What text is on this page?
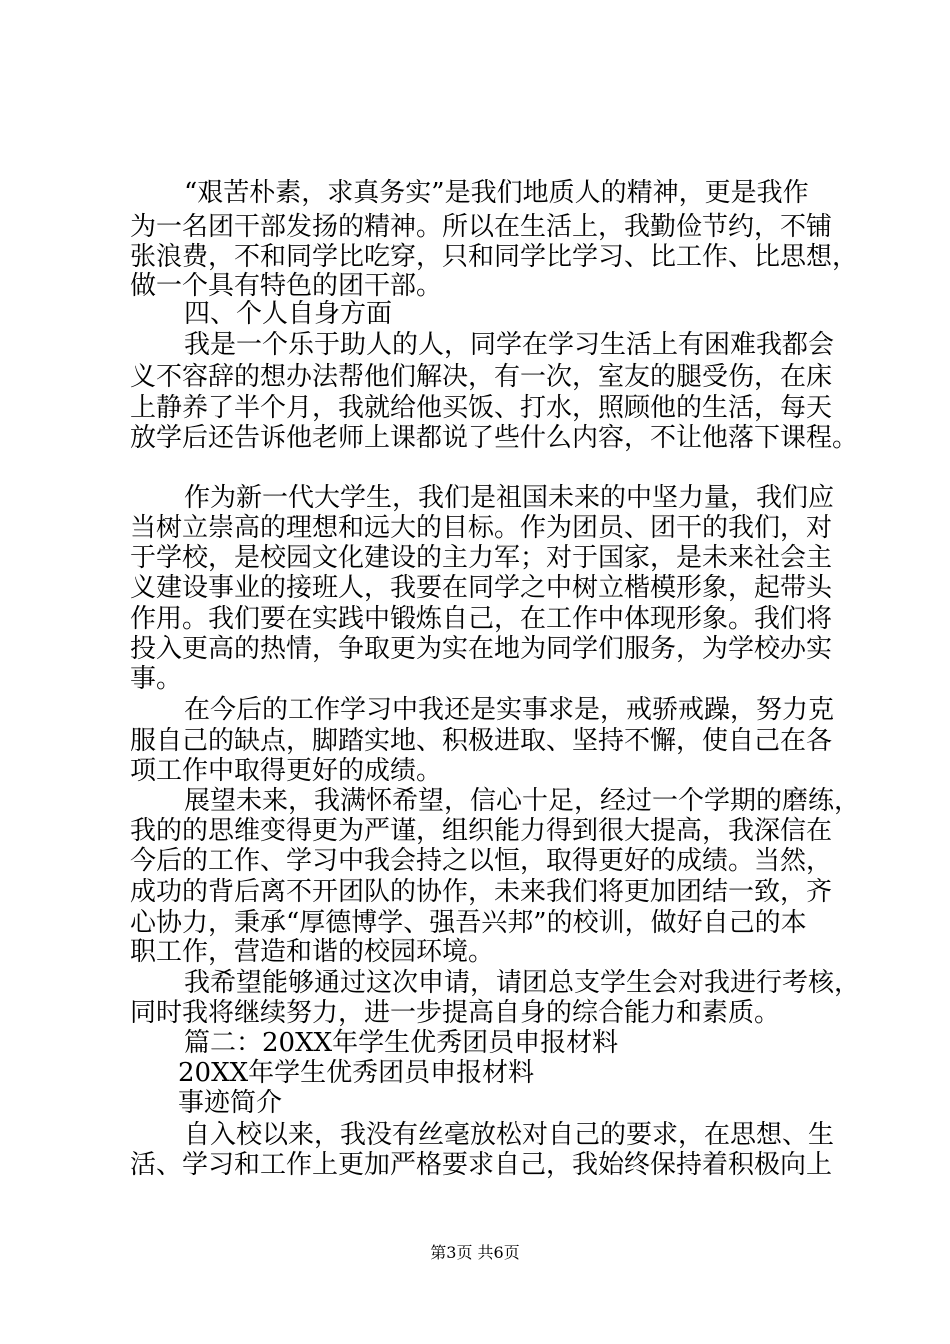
“艰苦朴素，求真务实”是我们地质人的精神，更是我作

为一名团干部发扬的精神。所以在生活上，我勤俭节约，不铺

张浪费，不和同学比吃穿，只和同学比学习、比工作、比思想，

做一个具有特色的团干部。

四、个人自身方面

我是一个乐于助人的人，同学在学习生活上有困难我都会

义不容辞的想办法帮他们解决，有一次，室友的腿受伤，在床

上静养了半个月，我就给他买饭、打水，照顾他的生活，每天

放学后还告诉他老师上课都说了些什么内容，不让他落下课程。

作为新一代大学生，我们是祖国未来的中坚力量，我们应

当树立崇高的理想和远大的目标。作为团员、团干的我们，对

于学校，是校园文化建设的主力军；对于国家，是未来社会主

义建设事业的接班人，我要在同学之中树立楷模形象，起带头

作用。我们要在实践中锻炼自己，在工作中体现形象。我们将

投入更高的热情，争取更为实在地为同学们服务，为学校办实

事。

在今后的工作学习中我还是实事求是，戒骄戒躁，努力克

服自己的缺点，脚踏实地、积极进取、坚持不懈，使自己在各

项工作中取得更好的成绩。

展望未来，我满怀希望，信心十足，经过一个学期的磨练，

我的的思维变得更为严谨，组织能力得到很大提高，我深信在

今后的工作、学习中我会持之以恒，取得更好的成绩。当然，

成功的背后离不开团队的协作，未来我们将更加团结一致，齐

心协力，秉承“厚德博学、强吾兴邦”的校训，做好自己的本

职工作，营造和谐的校园环境。

我希望能够通过这次申请，请团总支学生会对我进行考核，

同时我将继续努力，进一步提高自身的综合能力和素质。

篇二：20XX年学生优秀团员申报材料

20XX年学生优秀团员申报材料

事迹简介

自入校以来，我没有丝毫放松对自己的要求，在思想、生

活、学习和工作上更加严格要求自己，我始终保持着积极向上

第3页 共6页
